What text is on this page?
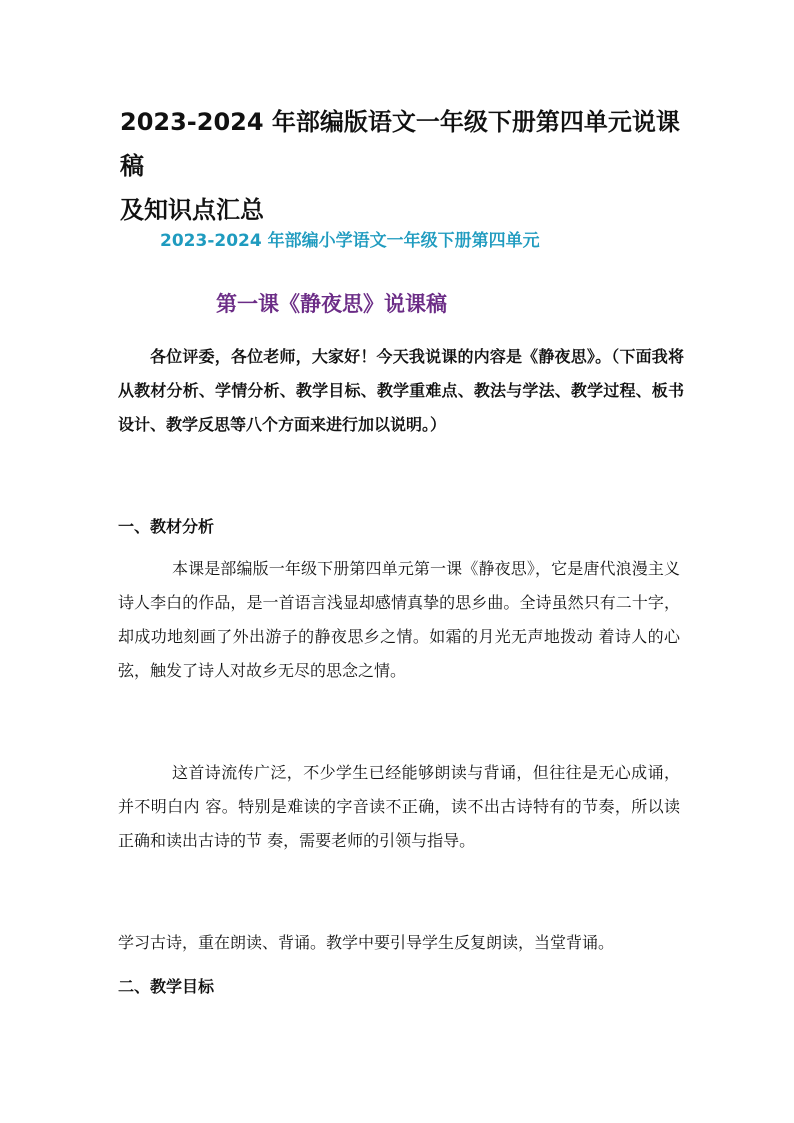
2023-2024 年部编版语文一年级下册第四单元说课稿
及知识点汇总
2023-2024 年部编小学语文一年级下册第四单元
第一课《静夜思》说课稿

各位评委，各位老师，大家好！今天我说课的内容是《静夜思》。（下面我将从教材分析、学情分析、教学目标、教学重难点、教法与学法、教学过程、板书设计、教学反思等八个方面来进行加以说明。）

一、教材分析

本课是部编版一年级下册第四单元第一课《静夜思》，它是唐代浪漫主义诗人李白的作品，是一首语言浅显却感情真挚的思乡曲。全诗虽然只有二十字，却成功地刻画了外出游子的静夜思乡之情。如霜的月光无声地拨动 着诗人的心弦，触发了诗人对故乡无尽的思念之情。

这首诗流传广泛，不少学生已经能够朗读与背诵，但往往是无心成诵，并不明白内 容。特别是难读的字音读不正确，读不出古诗特有的节奏，所以读正确和读出古诗的节 奏，需要老师的引领与指导。

学习古诗，重在朗读、背诵。教学中要引导学生反复朗读，当堂背诵。

二、教学目标
